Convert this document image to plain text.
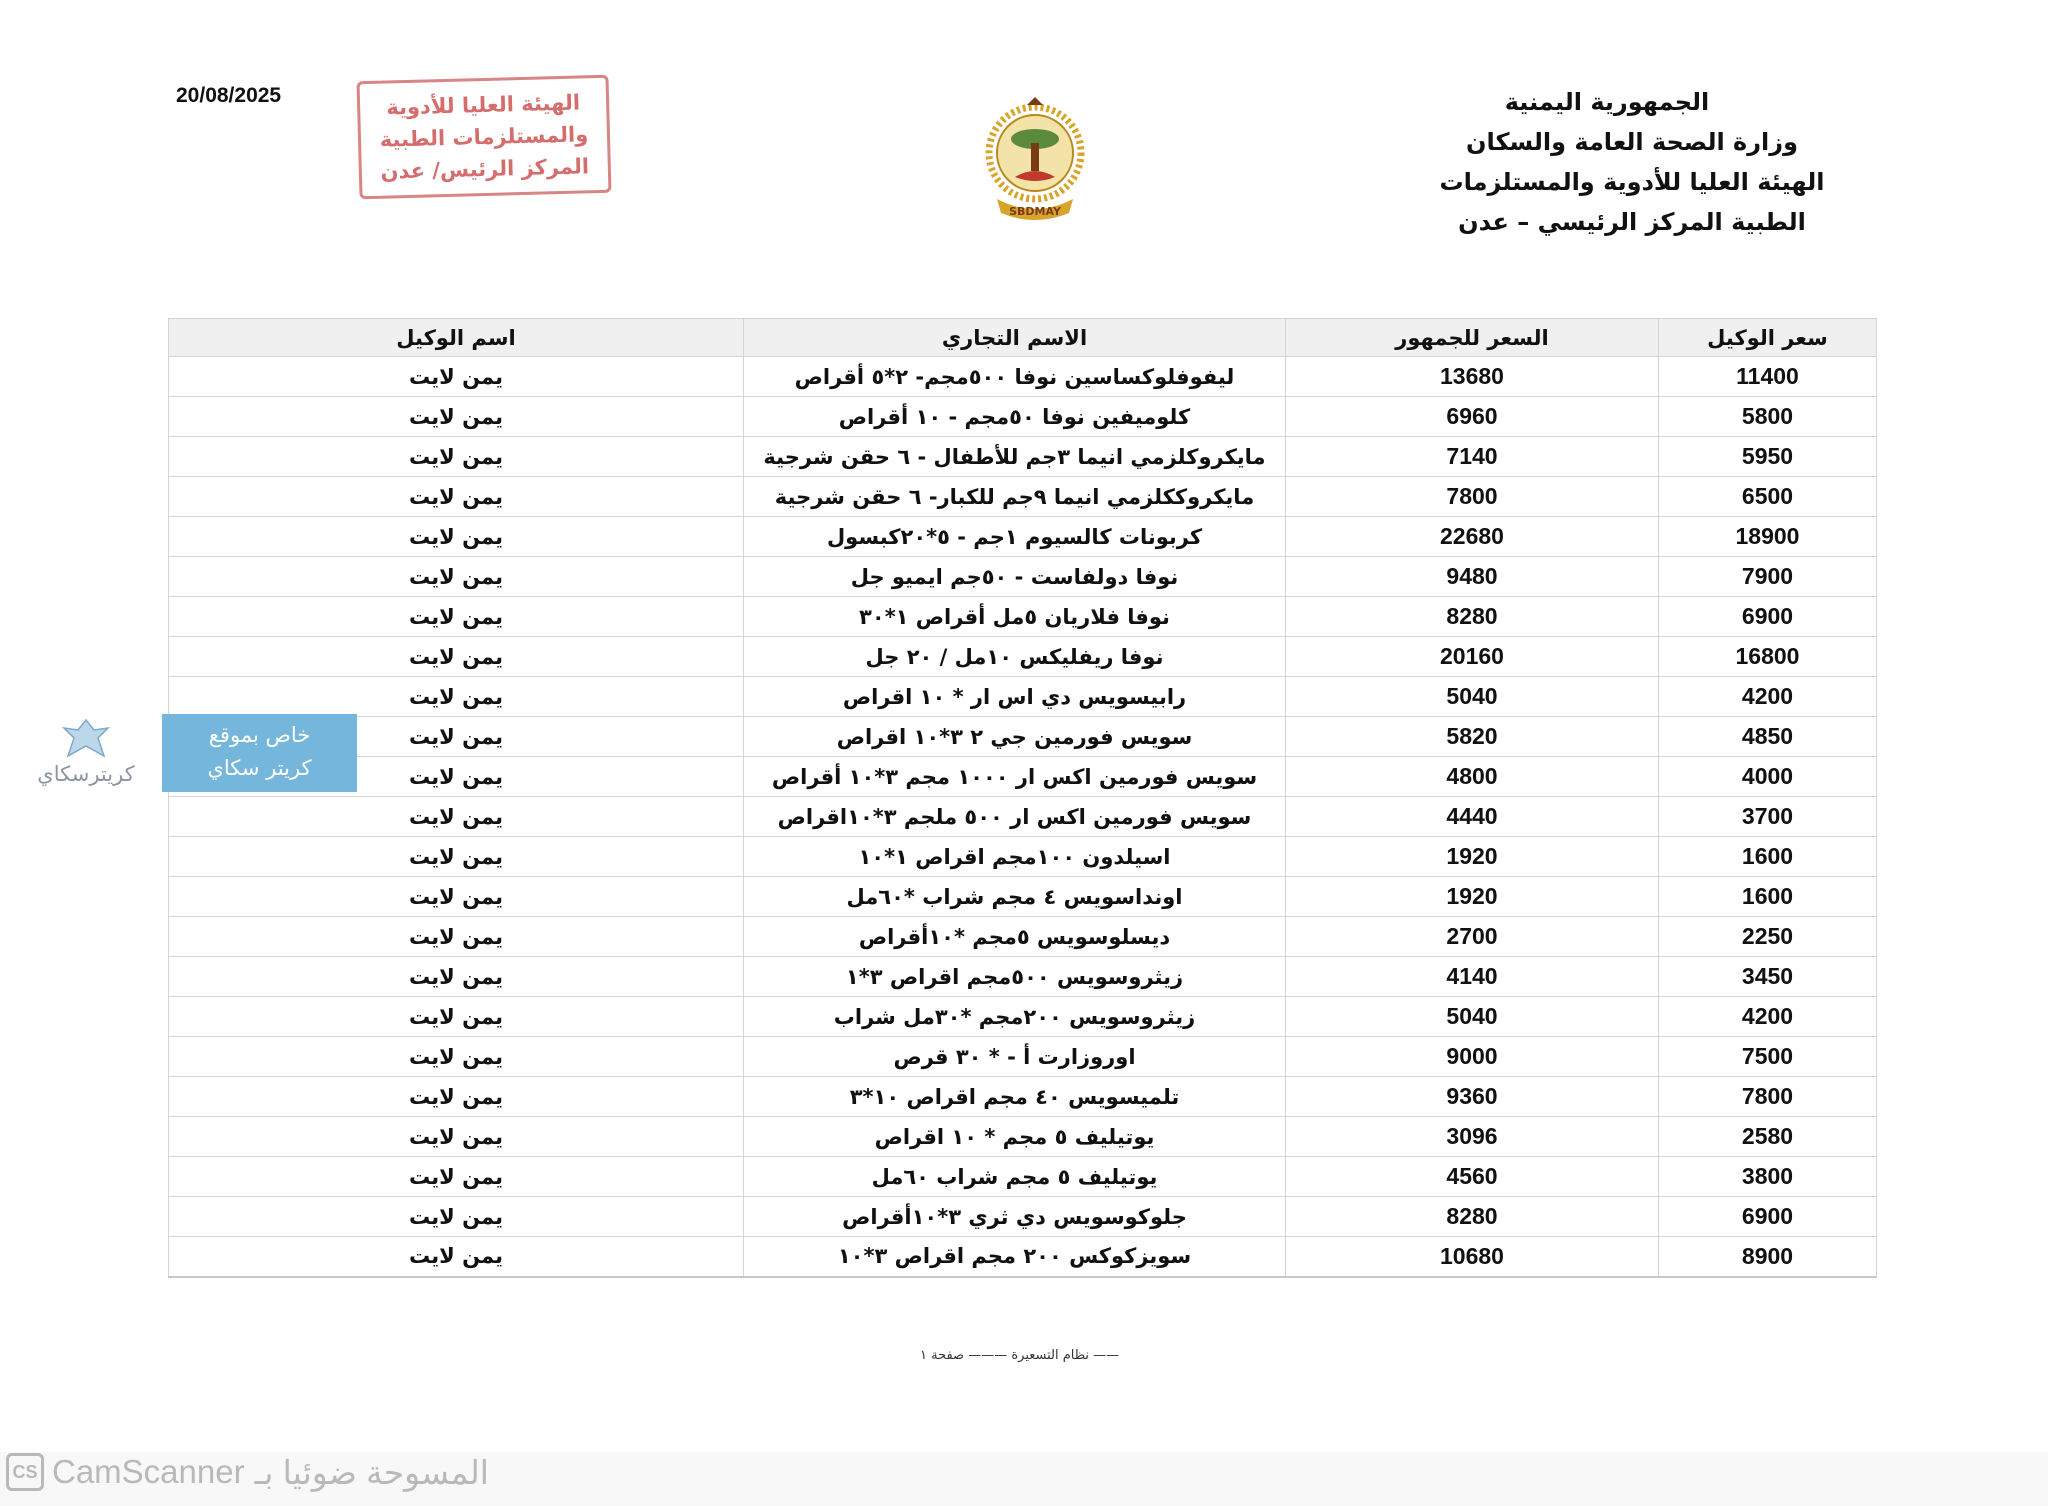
20/08/2025	الهيئة العليا للأدوية
والمستلزمات الطبية
المركز الرئيس/ عدن
SBDMAY
الجمهورية اليمنية
وزارة الصحة العامة والسكان
الهيئة العليا للأدوية والمستلزمات
الطبية المركز الرئيسي – عدن
سعر الوكيل	السعر للجمهور	الاسم التجاري	اسم الوكيل
11400	13680	ليفوفلوكساسين نوفا ٥٠٠مجم- ٢*٥ أقراص	يمن لايت
5800	6960	كلوميفين نوفا ٥٠مجم - ١٠ أقراص	يمن لايت
5950	7140	مايكروكلزمي انيما ٣جم للأطفال - ٦ حقن شرجية	يمن لايت
6500	7800	مايكروككلزمي انيما ٩جم للكبار- ٦ حقن شرجية	يمن لايت
18900	22680	كربونات كالسيوم ١جم - ٥*٢٠كبسول	يمن لايت
7900	9480	نوفا دولفاست - ٥٠جم ايميو جل	يمن لايت
6900	8280	نوفا فلاريان ٥مل أقراص ١*٣٠	يمن لايت
16800	20160	نوفا ريفليكس ١٠مل / ٢٠ جل	يمن لايت
4200	5040	رابيسويس دي اس ار * ١٠ اقراص	يمن لايت
4850	5820	سويس فورمين جي ٢ ٣*١٠ اقراص	يمن لايت
4000	4800	سويس فورمين اكس ار ١٠٠٠ مجم ٣*١٠ أقراص	يمن لايت
3700	4440	سويس فورمين اكس ار ٥٠٠ ملجم ٣*١٠اقراص	يمن لايت
1600	1920	اسيلدون ١٠٠مجم اقراص ١*١٠	يمن لايت
1600	1920	اونداسويس ٤ مجم شراب *٦٠مل	يمن لايت
2250	2700	ديسلوسويس ٥مجم *١٠أقراص	يمن لايت
3450	4140	زيثروسويس ٥٠٠مجم اقراص ٣*١	يمن لايت
4200	5040	زيثروسويس ٢٠٠مجم *٣٠مل شراب	يمن لايت
7500	9000	اوروزارت أ - * ٣٠ قرص	يمن لايت
7800	9360	تلميسويس ٤٠ مجم اقراص ١٠*٣	يمن لايت
2580	3096	يوتيليف ٥ مجم * ١٠ اقراص	يمن لايت
3800	4560	يوتيليف ٥ مجم شراب ٦٠مل	يمن لايت
6900	8280	جلوكوسويس دي ثري ٣*١٠أقراص	يمن لايت
8900	10680	سويزكوكس ٢٠٠ مجم اقراص ٣*١٠	يمن لايت
خاص بموقع
كريتر سكاي
كريترسكاي
—— نظام التسعيرة ——— صفحة ١
CS CamScanner المسوحة ضوئيا بـ
